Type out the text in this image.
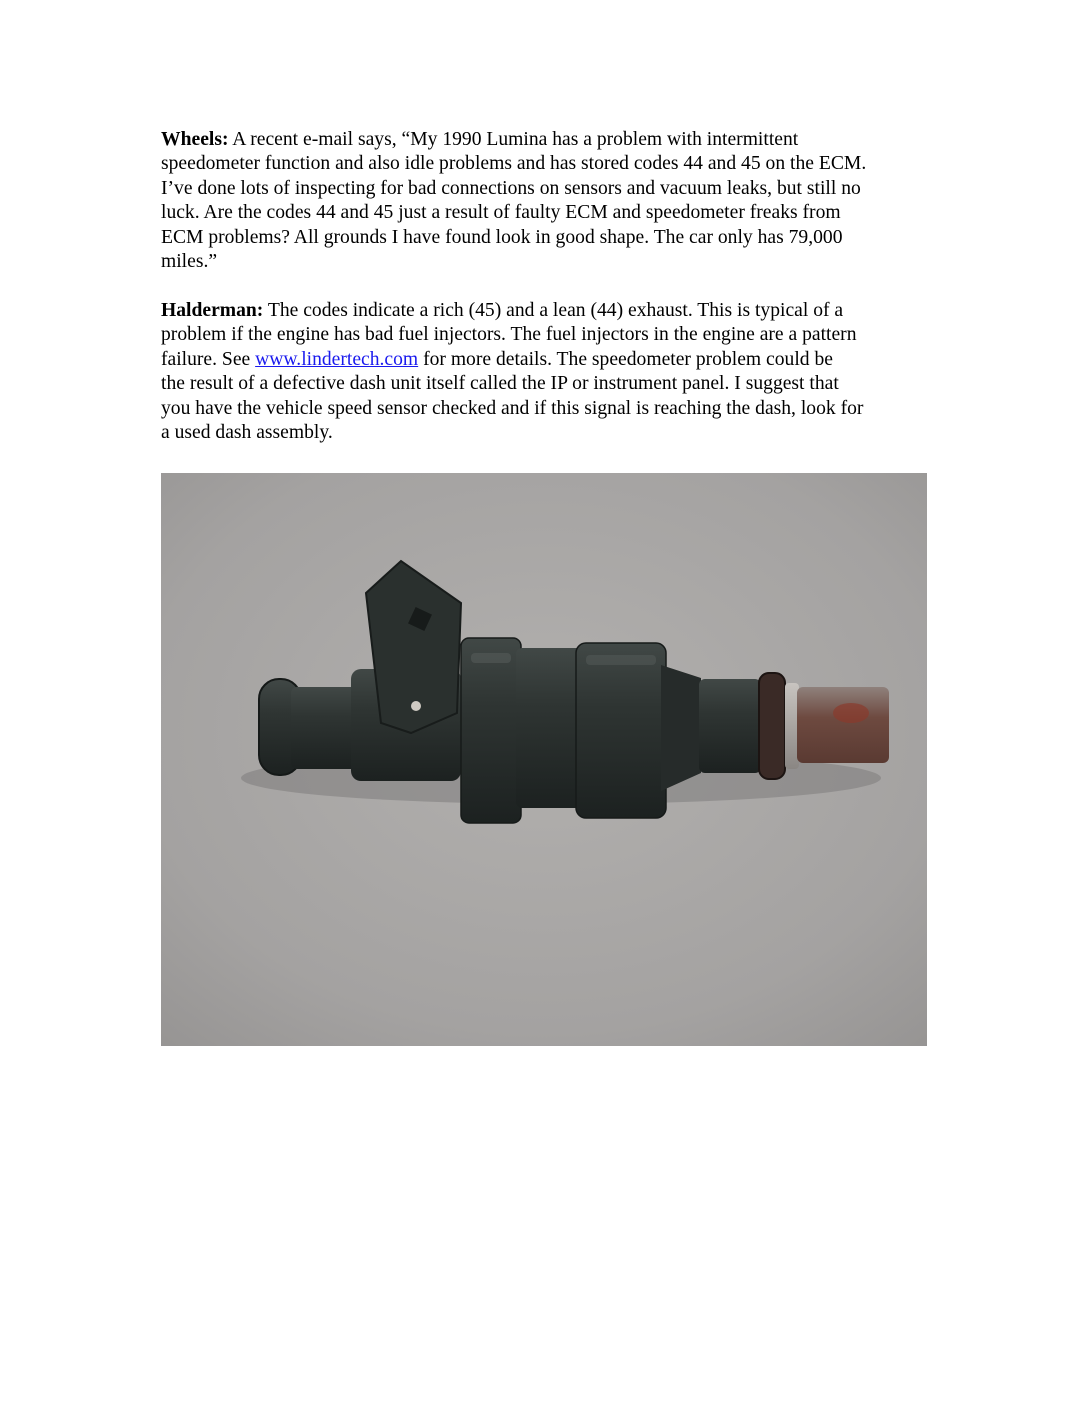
Wheels: A recent e-mail says, “My 1990 Lumina has a problem with intermittent
speedometer function and also idle problems and has stored codes 44 and 45 on the ECM.
I’ve done lots of inspecting for bad connections on sensors and vacuum leaks, but still no
luck. Are the codes 44 and 45 just a result of faulty ECM and speedometer freaks from
ECM problems? All grounds I have found look in good shape. The car only has 79,000
miles.”

Halderman: The codes indicate a rich (45) and a lean (44) exhaust. This is typical of a
problem if the engine has bad fuel injectors. The fuel injectors in the engine are a pattern
failure. See www.lindertech.com for more details. The speedometer problem could be
the result of a defective dash unit itself called the IP or instrument panel. I suggest that
you have the vehicle speed sensor checked and if this signal is reaching the dash, look for
a used dash assembly.
